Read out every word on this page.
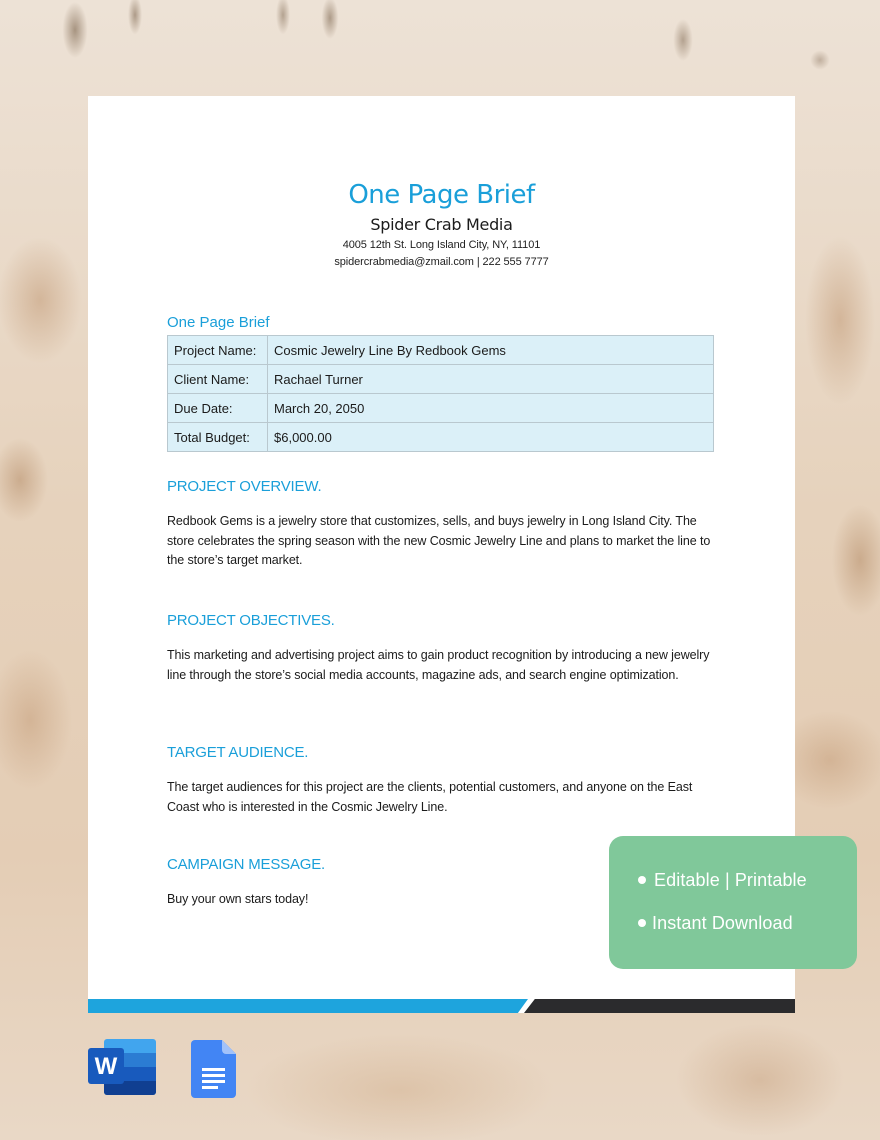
One Page Brief
Spider Crab Media
4005 12th St. Long Island City, NY, 11101
spidercrabmedia@zmail.com | 222 555 7777
One Page Brief
Project Name:	Cosmic Jewelry Line By Redbook Gems
Client Name:	Rachael Turner
Due Date:	March 20, 2050
Total Budget:	$6,000.00
PROJECT OVERVIEW.

Redbook Gems is a jewelry store that customizes, sells, and buys jewelry in Long Island City. The store celebrates the spring season with the new Cosmic Jewelry Line and plans to market the line to the store’s target market.

PROJECT OBJECTIVES.

This marketing and advertising project aims to gain product recognition by introducing a new jewelry line through the store’s social media accounts, magazine ads, and search engine optimization.

TARGET AUDIENCE.

The target audiences for this project are the clients, potential customers, and anyone on the East Coast who is interested in the Cosmic Jewelry Line.

CAMPAIGN MESSAGE.

Buy your own stars today!

Editable | Printable
Instant Download
W
